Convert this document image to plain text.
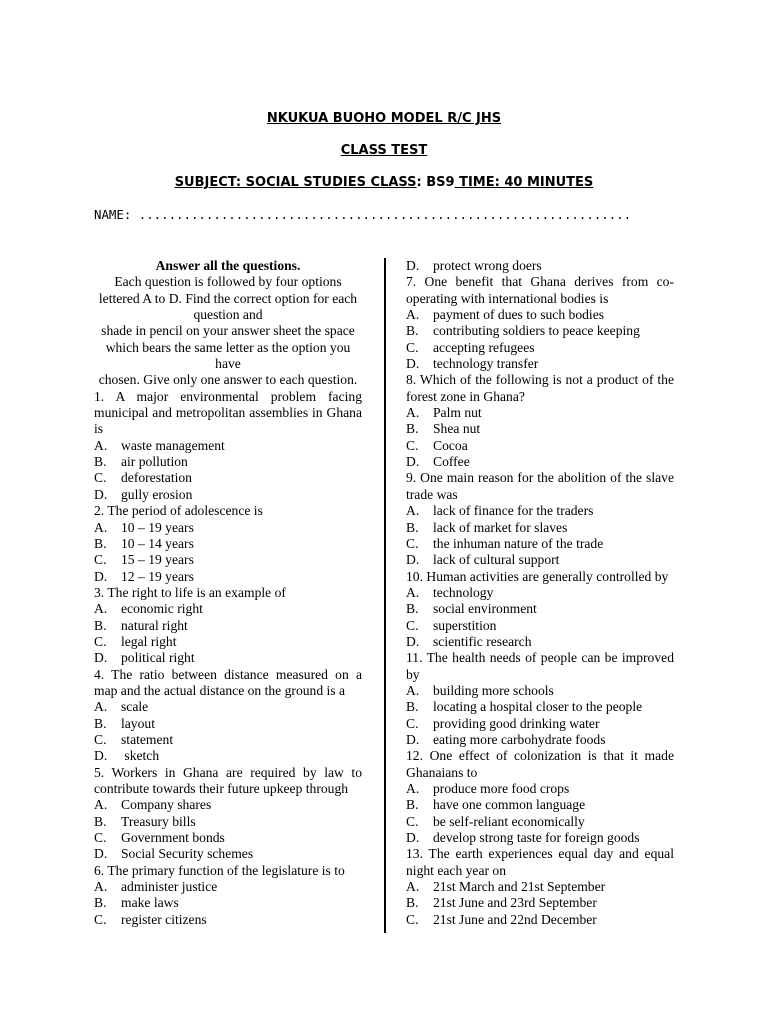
NKUKUA BUOHO MODEL R/C JHS
CLASS TEST
SUBJECT: SOCIAL STUDIES CLASS: BS9 TIME: 40 MINUTES
NAME: ..................................................................
Answer all the questions.
Each question is followed by four options lettered A to D. Find the correct option for each question and
shade in pencil on your answer sheet the space which bears the same letter as the option you have
chosen. Give only one answer to each question.
1. A major environmental problem facing municipal and metropolitan assemblies in Ghana is
A. waste management
B. air pollution
C. deforestation
D. gully erosion
2. The period of adolescence is
A. 10 – 19 years
B. 10 – 14 years
C. 15 – 19 years
D. 12 – 19 years
3. The right to life is an example of
A. economic right
B. natural right
C. legal right
D. political right
4. The ratio between distance measured on a map and the actual distance on the ground is a
A. scale
B. layout
C. statement
D. sketch
5. Workers in Ghana are required by law to contribute towards their future upkeep through
A. Company shares
B. Treasury bills
C. Government bonds
D. Social Security schemes
6. The primary function of the legislature is to
A. administer justice
B. make laws
C. register citizens
D. protect wrong doers
7. One benefit that Ghana derives from co-operating with international bodies is
A. payment of dues to such bodies
B. contributing soldiers to peace keeping
C. accepting refugees
D. technology transfer
8. Which of the following is not a product of the forest zone in Ghana?
A. Palm nut
B. Shea nut
C. Cocoa
D. Coffee
9. One main reason for the abolition of the slave trade was
A. lack of finance for the traders
B. lack of market for slaves
C. the inhuman nature of the trade
D. lack of cultural support
10. Human activities are generally controlled by
A. technology
B. social environment
C. superstition
D. scientific research
11. The health needs of people can be improved by
A. building more schools
B. locating a hospital closer to the people
C. providing good drinking water
D. eating more carbohydrate foods
12. One effect of colonization is that it made Ghanaians to
A. produce more food crops
B. have one common language
C. be self-reliant economically
D. develop strong taste for foreign goods
13. The earth experiences equal day and equal night each year on
A. 21st March and 21st September
B. 21st June and 23rd September
C. 21st June and 22nd December
